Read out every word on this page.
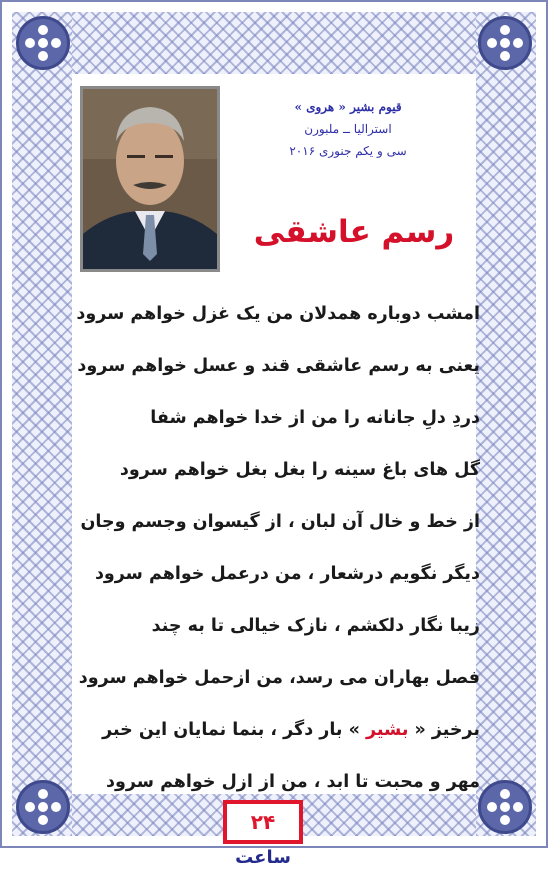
قیوم بشیر « هروی »
استرالیا ــ ملبورن
سی و یکم جنوری ۲۰۱۶
رسم عاشقی
امشب دوباره همدلان من یک غزل خواهم سرود
یعنی به رسم عاشقی قند و عسل خواهم سرود
دردِ دلِ جانانه را من از خدا خواهم شفا
گل های باغ سینه را بغل بغل خواهم سرود
از خط و خال آن لبان ، از گیسوان وجسم وجان
دیگر نگویم درشعار ، من درعمل خواهم سرود
زیبا نگار دلکشم ، نازک خیالی تا به چند
فصل بهاران می رسد، من ازحمل خواهم سرود
برخیز « بشیر » بار دگر ، بنما نمایان این خبر
مهر و محبت تا ابد ، من از ازل خواهم سرود
۲۴ ساعت
